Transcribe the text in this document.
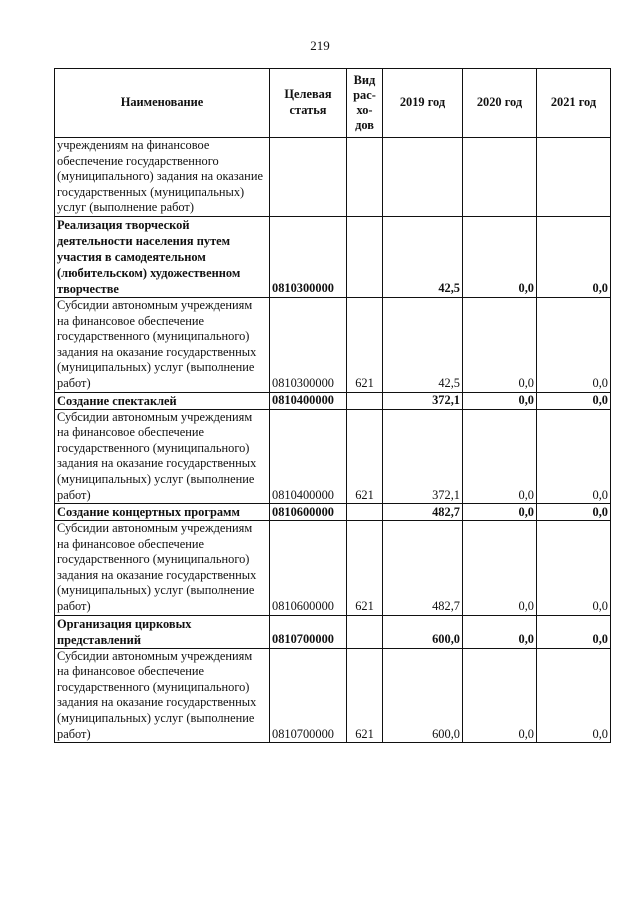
219
Наименование	Целевая статья	Вид рас- хо- дов	2019 год	2020 год	2021 год
учреждениям на финансовое обеспечение государственного (муниципального) задания на оказание государственных (муниципальных) услуг (выполнение работ)					
Реализация творческой деятельности населения путем участия в самодеятельном (любительском) художественном творчестве	0810300000		42,5	0,0	0,0
Субсидии автономным учреждениям на финансовое обеспечение государственного (муниципального) задания на оказание государственных (муниципальных) услуг (выполнение работ)	0810300000	621	42,5	0,0	0,0
Создание спектаклей	0810400000		372,1	0,0	0,0
Субсидии автономным учреждениям на финансовое обеспечение государственного (муниципального) задания на оказание государственных (муниципальных) услуг (выполнение работ)	0810400000	621	372,1	0,0	0,0
Создание концертных программ	0810600000		482,7	0,0	0,0
Субсидии автономным учреждениям на финансовое обеспечение государственного (муниципального) задания на оказание государственных (муниципальных) услуг (выполнение работ)	0810600000	621	482,7	0,0	0,0
Организация цирковых представлений	0810700000		600,0	0,0	0,0
Субсидии автономным учреждениям на финансовое обеспечение государственного (муниципального) задания на оказание государственных (муниципальных) услуг (выполнение работ)	0810700000	621	600,0	0,0	0,0
